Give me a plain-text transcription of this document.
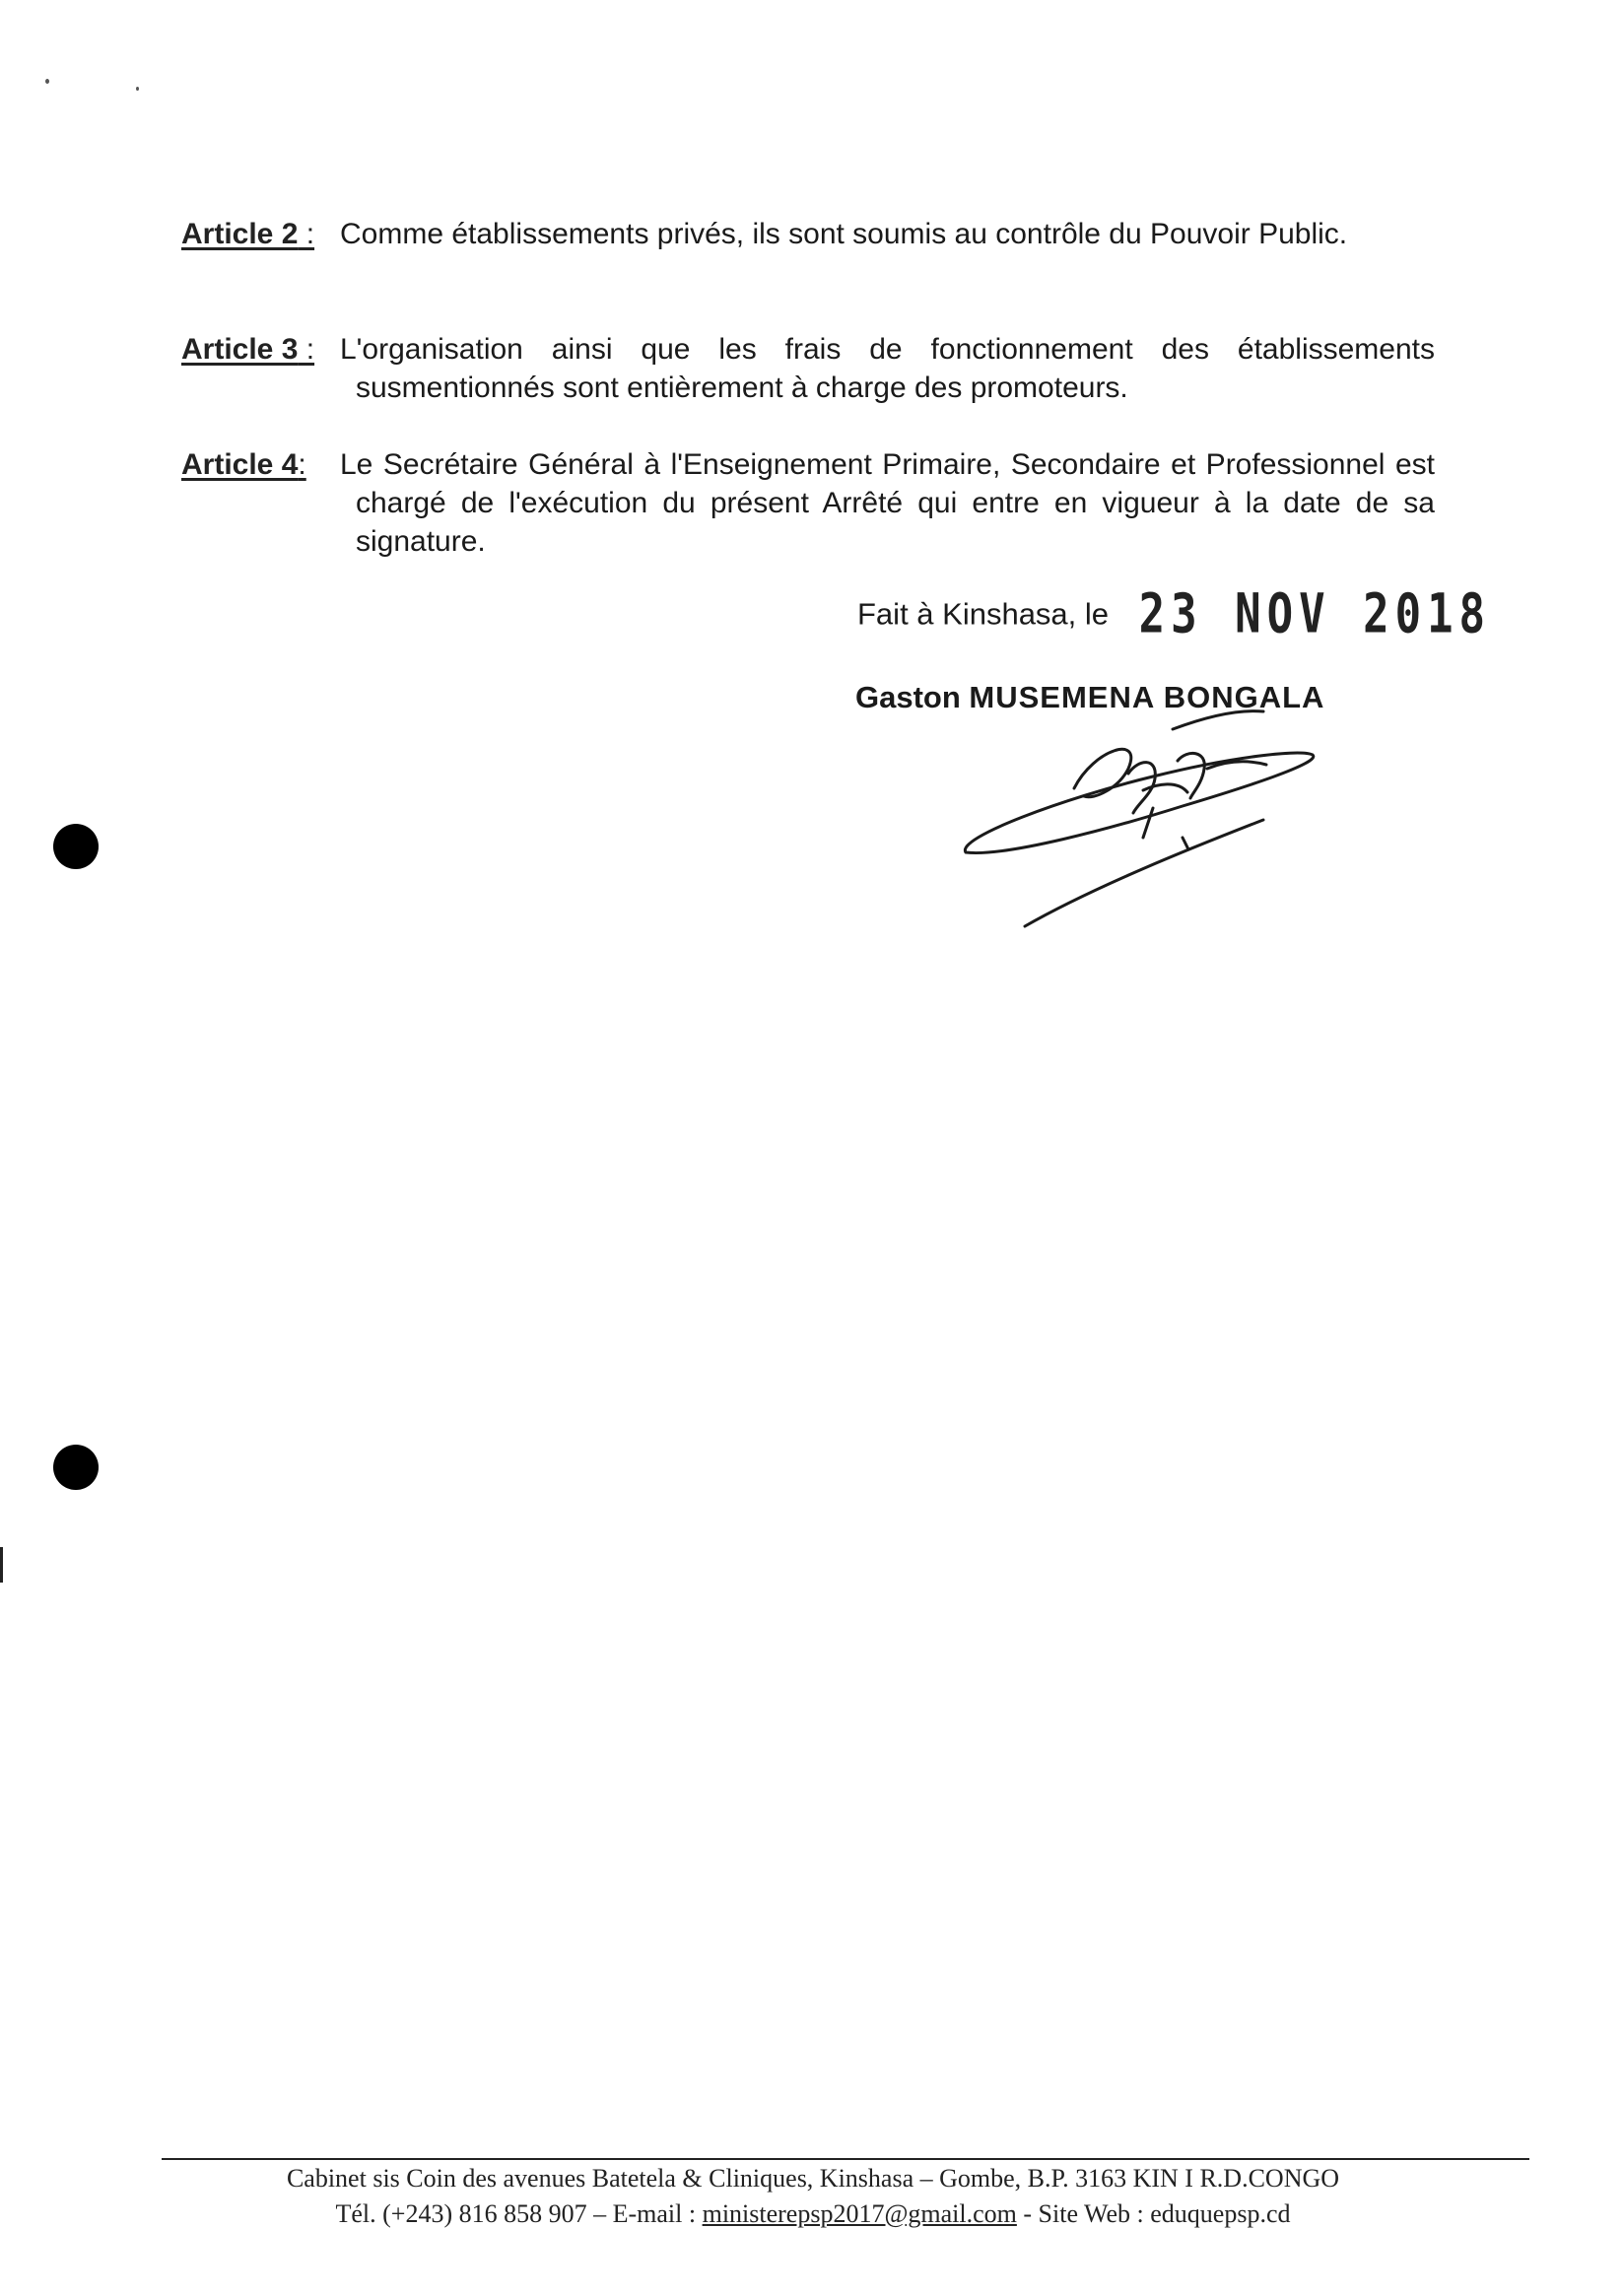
Article 2 : Comme établissements privés, ils sont soumis au contrôle du Pouvoir Public.
Article 3 : L'organisation ainsi que les frais de fonctionnement des établissements susmentionnés sont entièrement à charge des promoteurs.
Article 4: Le Secrétaire Général à l'Enseignement Primaire, Secondaire et Professionnel est chargé de l'exécution du présent Arrêté qui entre en vigueur à la date de sa signature.
Fait à Kinshasa, le 23 NOV 2018
Gaston MUSEMENA BONGALA
Cabinet sis Coin des avenues Batetela & Cliniques, Kinshasa – Gombe, B.P. 3163 KIN I R.D.CONGO
Tél. (+243) 816 858 907 – E-mail : ministerepsp2017@gmail.com - Site Web : eduquepsp.cd
